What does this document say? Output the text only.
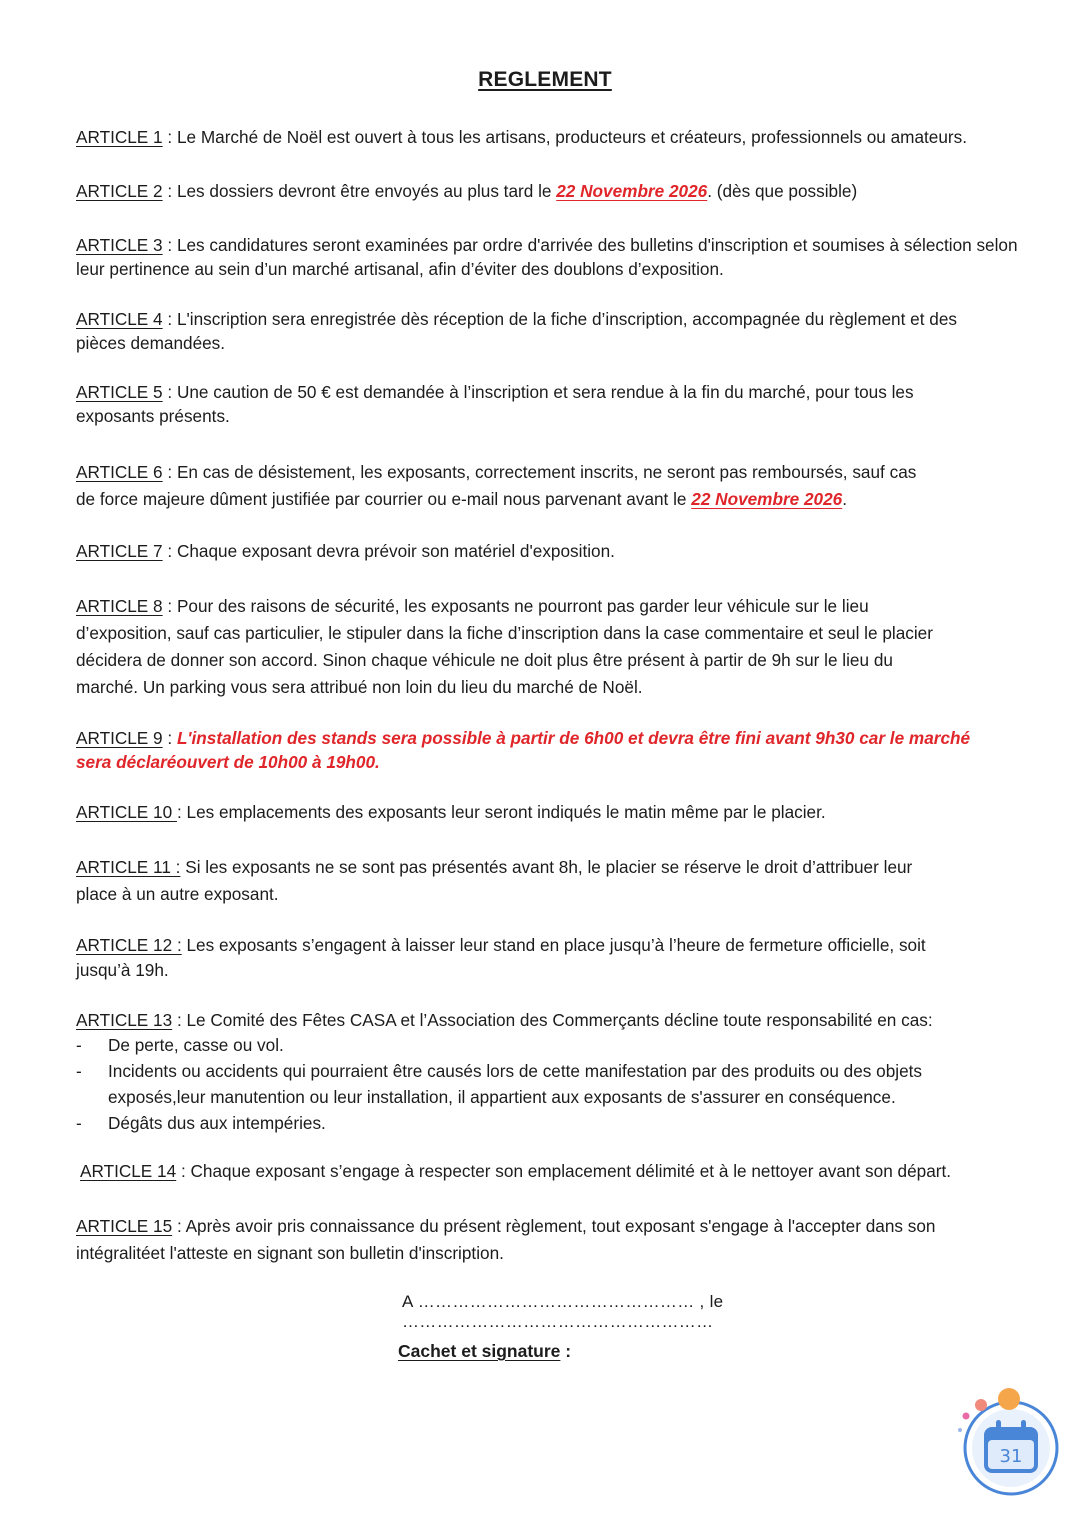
REGLEMENT

ARTICLE 1 : Le Marché de Noël est ouvert à tous les artisans, producteurs et créateurs, professionnels ou amateurs.

ARTICLE 2 : Les dossiers devront être envoyés au plus tard le 22 Novembre 2026. (dès que possible)

ARTICLE 3 : Les candidatures seront examinées par ordre d'arrivée des bulletins d'inscription et soumises à sélection selon leur pertinence au sein d’un marché artisanal, afin d’éviter des doublons d’exposition.

ARTICLE 4 : L'inscription sera enregistrée dès réception de la fiche d’inscription, accompagnée du règlement et des pièces demandées.

ARTICLE 5 : Une caution de 50 € est demandée à l’inscription et sera rendue à la fin du marché, pour tous les exposants présents.

ARTICLE 6 : En cas de désistement, les exposants, correctement inscrits, ne seront pas remboursés, sauf cas

de force majeure dûment justifiée par courrier ou e-mail nous parvenant avant le 22 Novembre 2026.

ARTICLE 7 : Chaque exposant devra prévoir son matériel d'exposition.

ARTICLE 8 : Pour des raisons de sécurité, les exposants ne pourront pas garder leur véhicule sur le lieu

d’exposition, sauf cas particulier, le stipuler dans la fiche d’inscription dans la case commentaire et seul le placier

décidera de donner son accord. Sinon chaque véhicule ne doit plus être présent à partir de 9h sur le lieu du

marché. Un parking vous sera attribué non loin du lieu du marché de Noël.

ARTICLE 9 : L'installation des stands sera possible à partir de 6h00 et devra être fini avant 9h30 car le marché sera déclaréouvert de 10h00 à 19h00.

ARTICLE 10 : Les emplacements des exposants leur seront indiqués le matin même par le placier.

ARTICLE 11 : Si les exposants ne se sont pas présentés avant 8h, le placier se réserve le droit d’attribuer leur

place à un autre exposant.

ARTICLE 12 : Les exposants s’engagent à laisser leur stand en place jusqu’à l’heure de fermeture officielle, soit jusqu’à 19h.

ARTICLE 13 : Le Comité des Fêtes CASA et l’Association des Commerçants décline toute responsabilité en cas:

- De perte, casse ou vol.
- Incidents ou accidents qui pourraient être causés lors de cette manifestation par des produits ou des objets exposés,leur manutention ou leur installation, il appartient aux exposants de s'assurer en conséquence.
- Dégâts dus aux intempéries.

ARTICLE 14 : Chaque exposant s’engage à respecter son emplacement délimité et à le nettoyer avant son départ.

ARTICLE 15 : Après avoir pris connaissance du présent règlement, tout exposant s'engage à l'accepter dans son

intégralitéet l'atteste en signant son bulletin d'inscription.

A ………………………………………… , le ………………………………………………
Cachet et signature :
31
